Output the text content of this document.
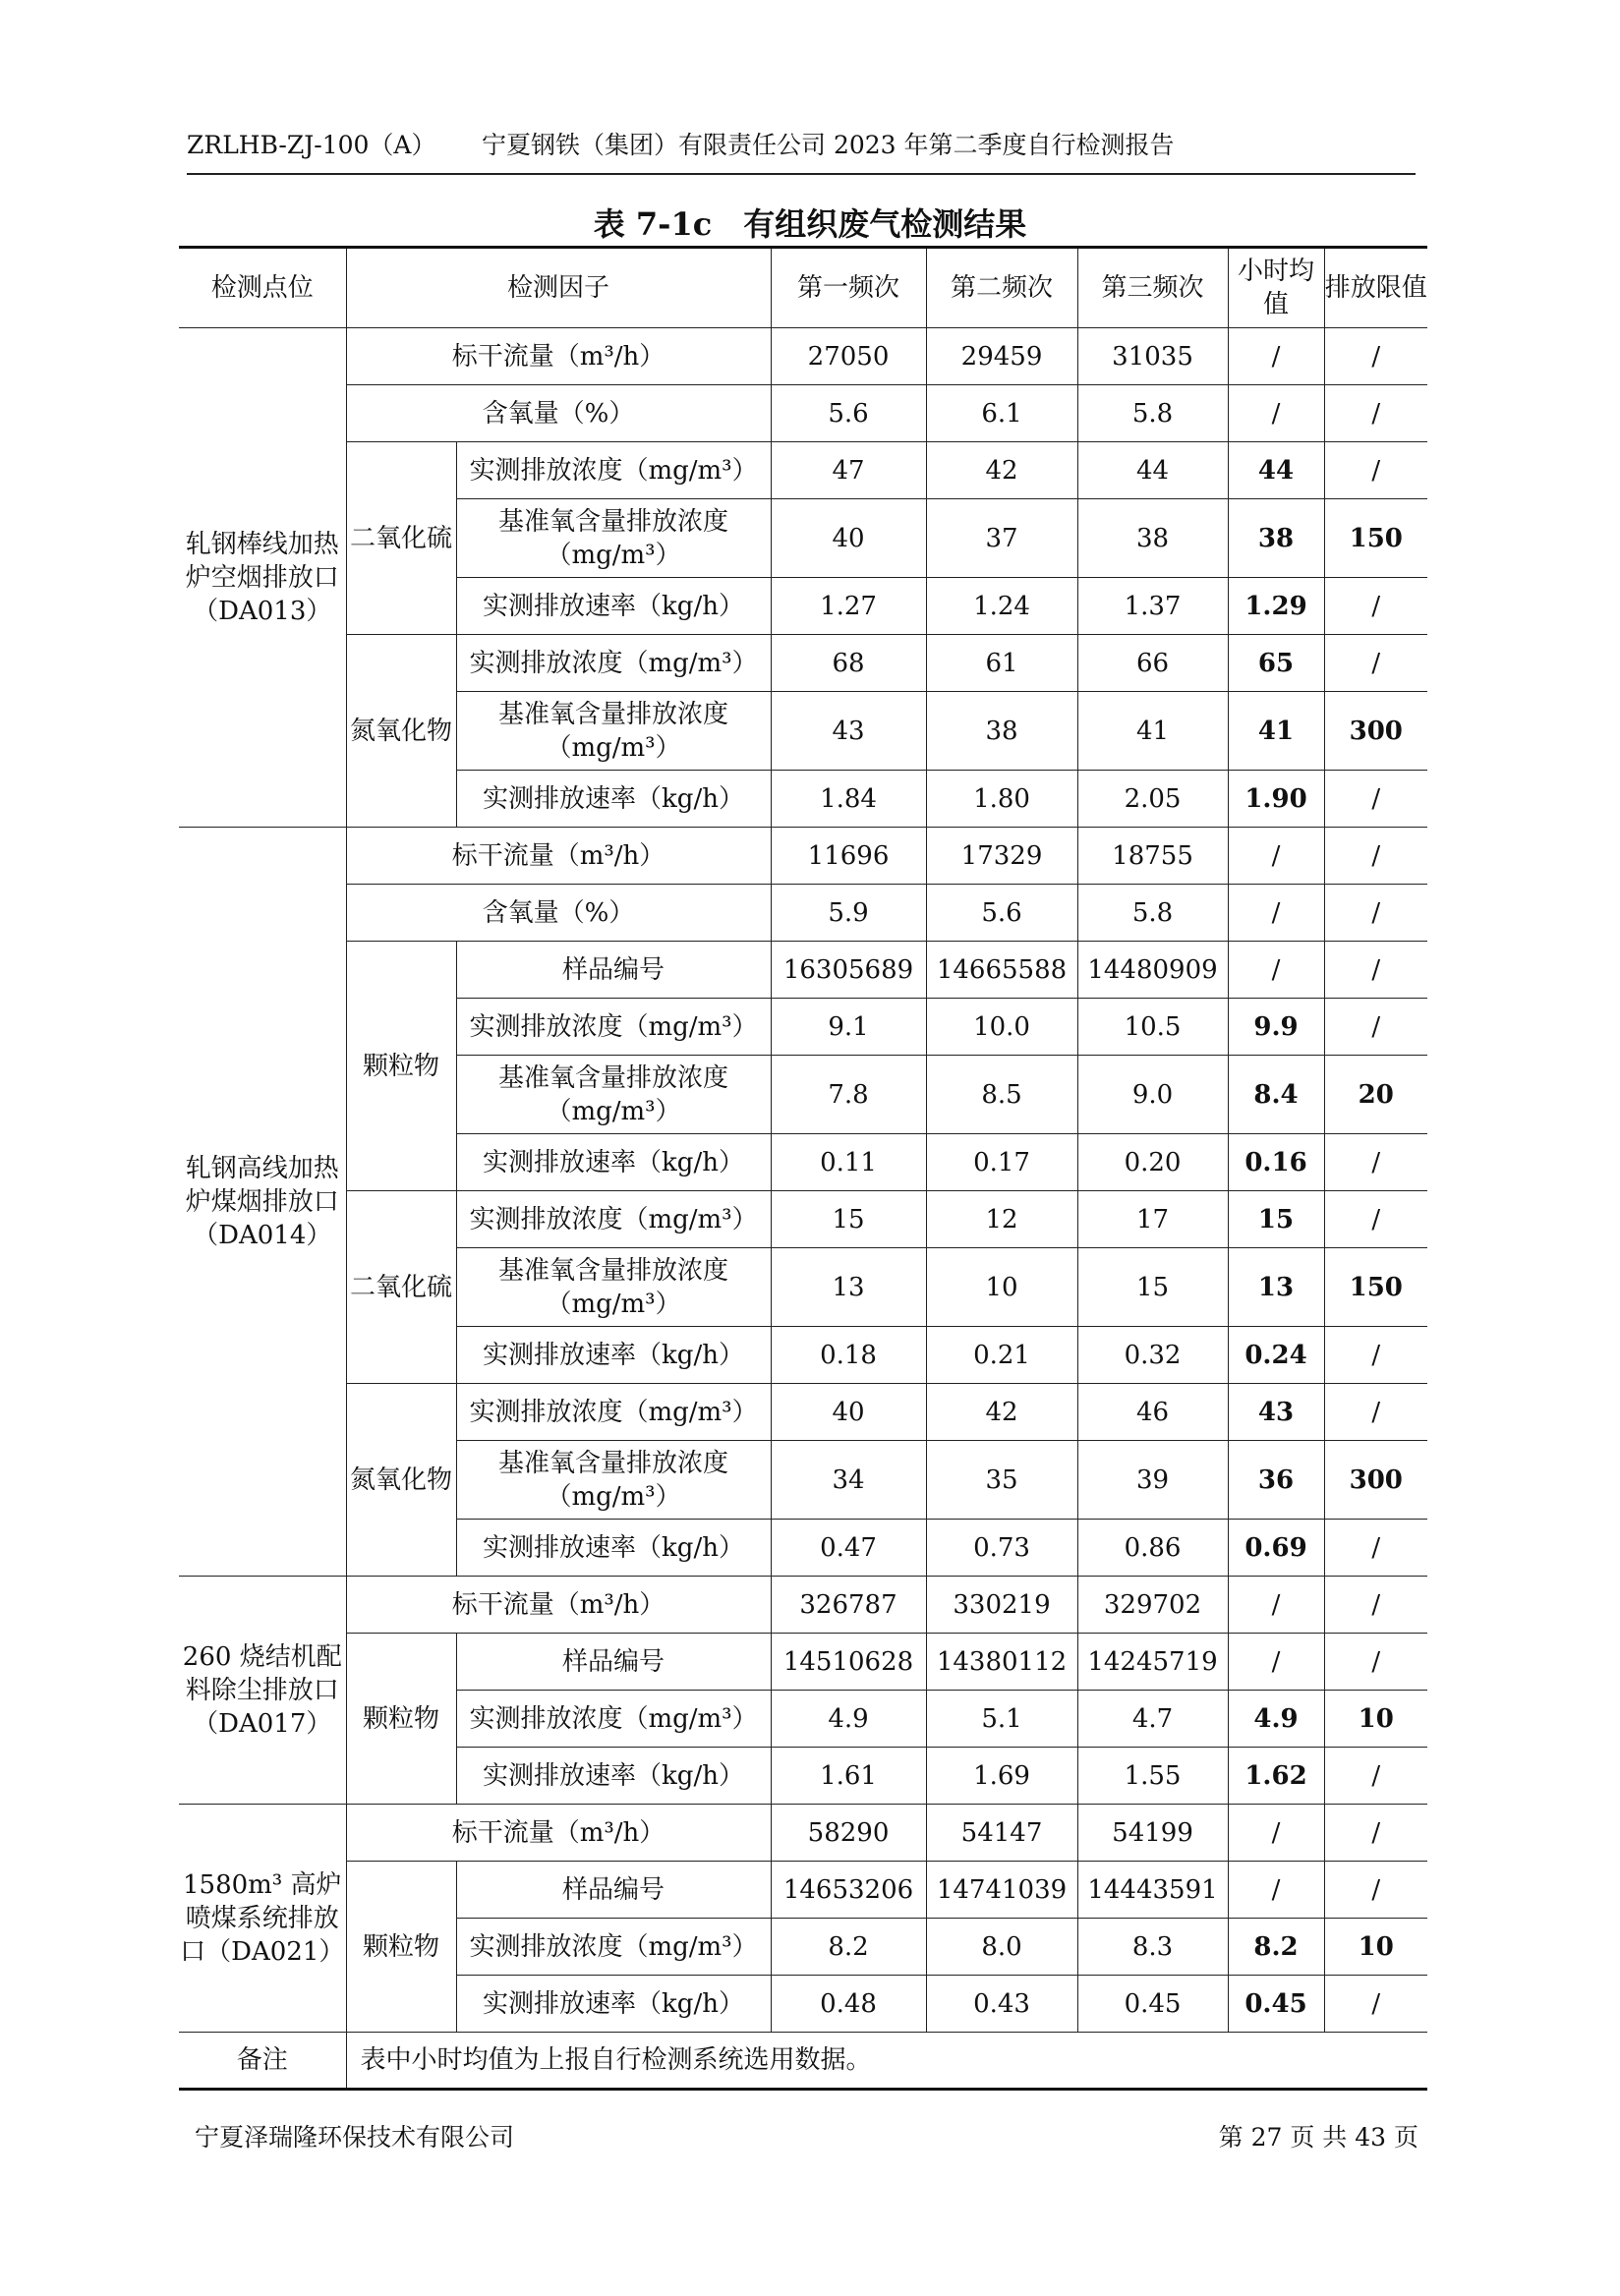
ZRLHB-ZJ-100（A） 宁夏钢铁（集团）有限责任公司 2023 年第二季度自行检测报告
表 7-1c　有组织废气检测结果
检测点位	检测因子		第一频次	第二频次	第三频次	小时均值	排放限值
轧钢棒线加热炉空烟排放口（DA013）	标干流量（m³/h）		27050	29459	31035	/	/
	含氧量（%）		5.6	6.1	5.8	/	/
	二氧化硫	实测排放浓度（mg/m³）	47	42	44	44	/
		基准氧含量排放浓度（mg/m³）	40	37	38	38	150
		实测排放速率（kg/h）	1.27	1.24	1.37	1.29	/
	氮氧化物	实测排放浓度（mg/m³）	68	61	66	65	/
		基准氧含量排放浓度（mg/m³）	43	38	41	41	300
		实测排放速率（kg/h）	1.84	1.80	2.05	1.90	/
轧钢高线加热炉煤烟排放口（DA014）	标干流量（m³/h）		11696	17329	18755	/	/
	含氧量（%）		5.9	5.6	5.8	/	/
	颗粒物	样品编号	16305689	14665588	14480909	/	/
		实测排放浓度（mg/m³）	9.1	10.0	10.5	9.9	/
		基准氧含量排放浓度（mg/m³）	7.8	8.5	9.0	8.4	20
		实测排放速率（kg/h）	0.11	0.17	0.20	0.16	/
	二氧化硫	实测排放浓度（mg/m³）	15	12	17	15	/
		基准氧含量排放浓度（mg/m³）	13	10	15	13	150
		实测排放速率（kg/h）	0.18	0.21	0.32	0.24	/
	氮氧化物	实测排放浓度（mg/m³）	40	42	46	43	/
		基准氧含量排放浓度（mg/m³）	34	35	39	36	300
		实测排放速率（kg/h）	0.47	0.73	0.86	0.69	/
260 烧结机配料除尘排放口（DA017）	标干流量（m³/h）		326787	330219	329702	/	/
	颗粒物	样品编号	14510628	14380112	14245719	/	/
		实测排放浓度（mg/m³）	4.9	5.1	4.7	4.9	10
		实测排放速率（kg/h）	1.61	1.69	1.55	1.62	/
1580m³ 高炉喷煤系统排放口（DA021）	标干流量（m³/h）		58290	54147	54199	/	/
	颗粒物	样品编号	14653206	14741039	14443591	/	/
		实测排放浓度（mg/m³）	8.2	8.0	8.3	8.2	10
		实测排放速率（kg/h）	0.48	0.43	0.45	0.45	/
备注	表中小时均值为上报自行检测系统选用数据。						
宁夏泽瑞隆环保技术有限公司	第 27 页 共 43 页
